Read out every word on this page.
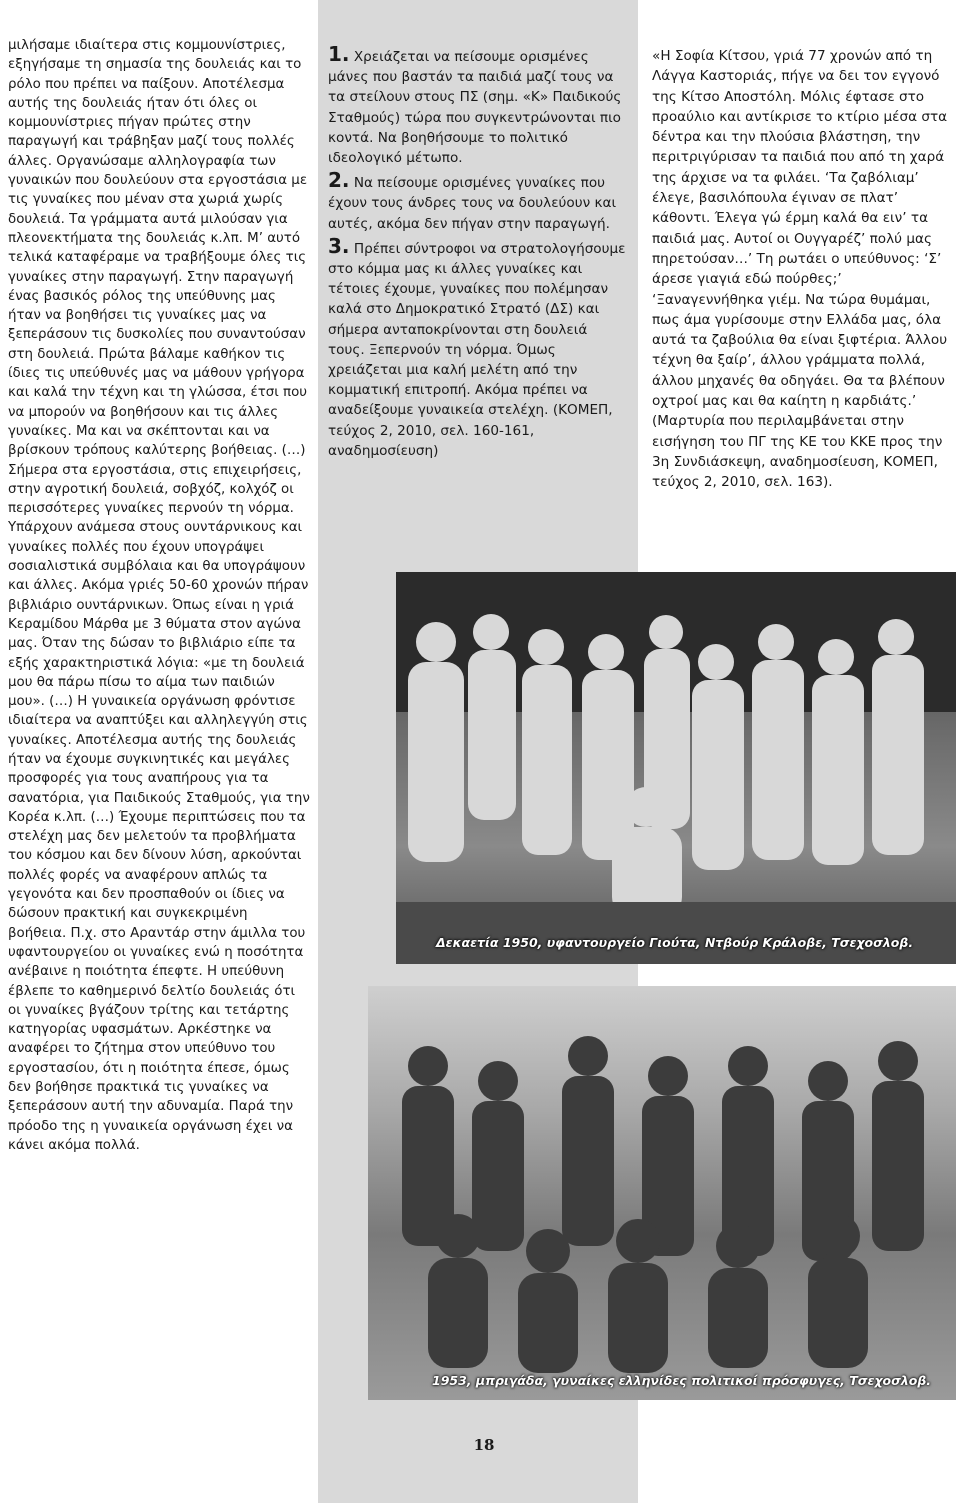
μιλήσαμε ιδιαίτερα στις κομμουνίστριες, εξηγήσαμε τη σημασία της δουλειάς και το ρόλο που πρέπει να παίξουν. Αποτέλεσμα αυτής της δουλειάς ήταν ότι όλες οι κομμουνίστριες πήγαν πρώτες στην παραγωγή και τράβηξαν μαζί τους πολλές άλλες. Οργανώσαμε αλληλογραφία των γυναικών που δουλεύουν στα εργοστάσια με τις γυναίκες που μέναν στα χωριά χωρίς δουλειά. Τα γράμματα αυτά μιλούσαν για πλεονεκτήματα της δουλειάς κ.λπ. Μ’ αυτό τελικά καταφέραμε να τραβήξουμε όλες τις γυναίκες στην παραγωγή. Στην παραγωγή ένας βασικός ρόλος της υπεύθυνης μας ήταν να βοηθήσει τις γυναίκες μας να ξεπεράσουν τις δυσκολίες που συναντούσαν στη δουλειά. Πρώτα βάλαμε καθήκον τις ίδιες τις υπεύθυνές μας να μάθουν γρήγορα και καλά την τέχνη και τη γλώσσα, έτσι που να μπορούν να βοηθήσουν και τις άλλες γυναίκες. Μα και να σκέπτονται και να βρίσκουν τρόπους καλύτερης βοήθειας. (…) Σήμερα στα εργοστάσια, στις επιχειρήσεις, στην αγροτική δουλειά, σοβχόζ, κολχόζ οι περισσότερες γυναίκες περνούν τη νόρμα. Υπάρχουν ανάμεσα στους ουντάρνικους και γυναίκες πολλές που έχουν υπογράψει σοσιαλιστικά συμβόλαια και θα υπογράψουν και άλλες. Ακόμα γριές 50-60 χρονών πήραν βιβλιάριο ουντάρνικων. Όπως είναι η γριά Κεραμίδου Μάρθα με 3 θύματα στον αγώνα μας. Όταν της δώσαν το βιβλιάριο είπε τα εξής χαρακτηριστικά λόγια: «με τη δουλειά μου θα πάρω πίσω το αίμα των παιδιών μου». (…) Η γυναικεία οργάνωση φρόντισε ιδιαίτερα να αναπτύξει και αλληλεγγύη στις γυναίκες. Αποτέλεσμα αυτής της δουλειάς ήταν να έχουμε συγκινητικές και μεγάλες προσφορές για τους αναπήρους για τα σανατόρια, για Παιδικούς Σταθμούς, για την Κορέα κ.λπ. (…) Έχουμε περιπτώσεις που τα στελέχη μας δεν μελετούν τα προβλήματα του κόσμου και δεν δίνουν λύση, αρκούνται πολλές φορές να αναφέρουν απλώς τα γεγονότα και δεν προσπαθούν οι ίδιες να δώσουν πρακτική και συγκεκριμένη βοήθεια. Π.χ. στο Αραντάρ στην άμιλλα του υφαντουργείου οι γυναίκες ενώ η ποσότητα ανέβαινε η ποιότητα έπεφτε. Η υπεύθυνη έβλεπε το καθημερινό δελτίο δουλειάς ότι οι γυναίκες βγάζουν τρίτης και τετάρτης κατηγορίας υφασμάτων. Αρκέστηκε να αναφέρει το ζήτημα στον υπεύθυνο του εργοστασίου, ότι η ποιότητα έπεσε, όμως δεν βοήθησε πρακτικά τις γυναίκες να ξεπεράσουν αυτή την αδυναμία. Παρά την πρόοδο της η γυναικεία οργάνωση έχει να κάνει ακόμα πολλά.

1. Χρειάζεται να πείσουμε ορισμένες μάνες που βαστάν τα παιδιά μαζί τους να τα στείλουν στους ΠΣ (σημ. «Κ» Παιδικούς Σταθμούς) τώρα που συγκεντρώνονται πιο κοντά. Να βοηθήσουμε το πολιτικό ιδεολογικό μέτωπο.

2. Να πείσουμε ορισμένες γυναίκες που έχουν τους άνδρες τους να δουλεύουν και αυτές, ακόμα δεν πήγαν στην παραγωγή.

3. Πρέπει σύντροφοι να στρατολογήσουμε στο κόμμα μας κι άλλες γυναίκες και τέτοιες έχουμε, γυναίκες που πολέμησαν καλά στο Δημοκρατικό Στρατό (ΔΣ) και σήμερα ανταποκρίνονται στη δουλειά τους. Ξεπερνούν τη νόρμα. Όμως χρειάζεται μια καλή μελέτη από την κομματική επιτροπή. Ακόμα πρέπει να αναδείξουμε γυναικεία στελέχη. (ΚΟΜΕΠ, τεύχος 2, 2010, σελ. 160-161, αναδημοσίευση)

«Η Σοφία Κίτσου, γριά 77 χρονών από τη Λάγγα Καστοριάς, πήγε να δει τον εγγονό της Κίτσο Αποστόλη. Μόλις έφτασε στο προαύλιο και αντίκρισε το κτίριο μέσα στα δέντρα και την πλούσια βλάστηση, την περιτριγύρισαν τα παιδιά που από τη χαρά της άρχισε να τα φιλάει. ‘Τα ζαβόλιαμ’ έλεγε, βασιλόπουλα έγιναν σε πλατ’ κάθοντι. Έλεγα γώ έρμη καλά θα ειν’ τα παιδιά μας. Αυτοί οι Ουγγαρέζ’ πολύ μας πηρετούσαν…’ Τη ρωτάει ο υπεύθυνος: ‘Σ’ άρεσε γιαγιά εδώ πούρθες;’ ‘Ξαναγεννήθηκα γιέμ. Να τώρα θυμάμαι, πως άμα γυρίσουμε στην Ελλάδα μας, όλα αυτά τα ζαβούλια θα είναι ξιφτέρια. Άλλου τέχνη θα ξαίρ’, άλλου γράμματα πολλά, άλλου μηχανές θα οδηγάει. Θα τα βλέπουν οχτροί μας και θα καίητη η καρδιάτς.’ (Μαρτυρία που περιλαμβάνεται στην εισήγηση του ΠΓ της ΚΕ του ΚΚΕ προς την 3η Συνδιάσκεψη, αναδημοσίευση, ΚΟΜΕΠ, τεύχος 2, 2010, σελ. 163).
Δεκαετία 1950, υφαντουργείο Γιούτα, Ντβούρ Κράλοβε, Τσεχοσλοβ.
1953, μπριγάδα, γυναίκες ελληνίδες πολιτικοί πρόσφυγες, Τσεχοσλοβ.
18
